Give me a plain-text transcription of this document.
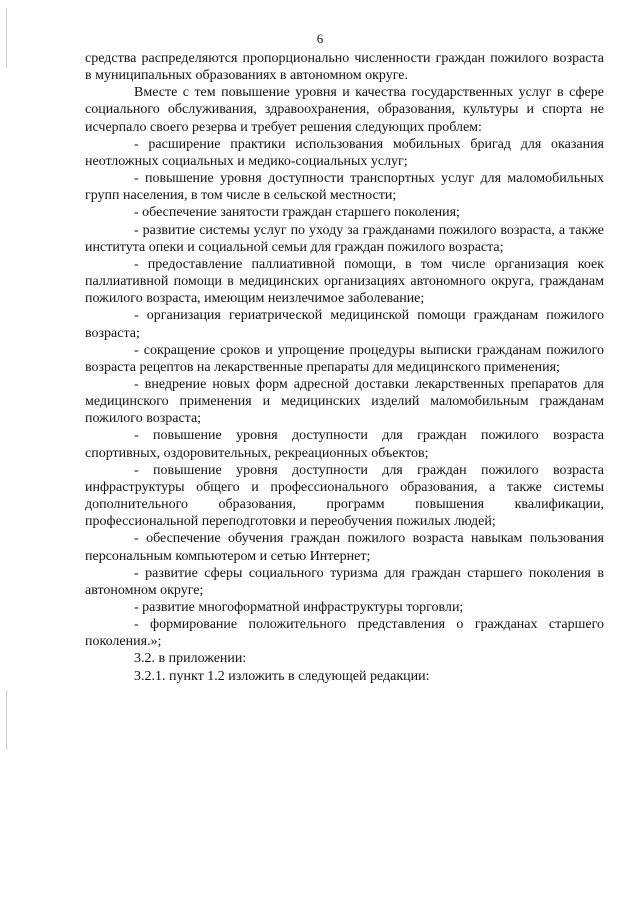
6

средства распределяются пропорционально численности граждан пожилого возраста в муниципальных образованиях в автономном округе.

Вместе с тем повышение уровня и качества государственных услуг в сфере социального обслуживания, здравоохранения, образования, культуры и спорта не исчерпало своего резерва и требует решения следующих проблем:

- расширение практики использования мобильных бригад для оказания неотложных социальных и медико-социальных услуг;

- повышение уровня доступности транспортных услуг для маломобильных групп населения, в том числе в сельской местности;

- обеспечение занятости граждан старшего поколения;

- развитие системы услуг по уходу за гражданами пожилого возраста, а также института опеки и социальной семьи для граждан пожилого возраста;

- предоставление паллиативной помощи, в том числе организация коек паллиативной помощи в медицинских организациях автономного округа, гражданам пожилого возраста, имеющим неизлечимое заболевание;

- организация гериатрической медицинской помощи гражданам пожилого возраста;

- сокращение сроков и упрощение процедуры выписки гражданам пожилого возраста рецептов на лекарственные препараты для медицинского применения;

- внедрение новых форм адресной доставки лекарственных препаратов для медицинского применения и медицинских изделий маломобильным гражданам пожилого возраста;

- повышение уровня доступности для граждан пожилого возраста спортивных, оздоровительных, рекреационных объектов;

- повышение уровня доступности для граждан пожилого возраста инфраструктуры общего и профессионального образования, а также системы дополнительного образования, программ повышения квалификации, профессиональной переподготовки и переобучения пожилых людей;

- обеспечение обучения граждан пожилого возраста навыкам пользования персональным компьютером и сетью Интернет;

- развитие сферы социального туризма для граждан старшего поколения в автономном округе;

- развитие многоформатной инфраструктуры торговли;

- формирование положительного представления о гражданах старшего поколения.»;

3.2. в приложении:

3.2.1. пункт 1.2 изложить в следующей редакции:
